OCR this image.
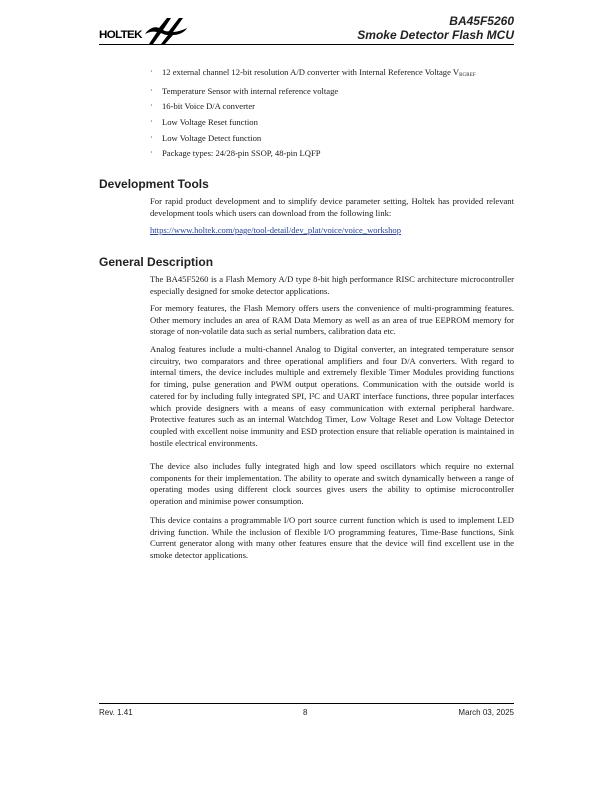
HOLTEK
BA45F5260
Smoke Detector Flash MCU
· 12 external channel 12-bit resolution A/D converter with Internal Reference Voltage VBGREF
· Temperature Sensor with internal reference voltage
· 16-bit Voice D/A converter
· Low Voltage Reset function
· Low Voltage Detect function
· Package types: 24/28-pin SSOP, 48-pin LQFP
Development Tools

For rapid product development and to simplify device parameter setting, Holtek has provided relevant development tools which users can download from the following link:

https://www.holtek.com/page/tool-detail/dev_plat/voice/voice_workshop
General Description

The BA45F5260 is a Flash Memory A/D type 8-bit high performance RISC architecture microcontroller especially designed for smoke detector applications.

For memory features, the Flash Memory offers users the convenience of multi-programming features. Other memory includes an area of RAM Data Memory as well as an area of true EEPROM memory for storage of non-volatile data such as serial numbers, calibration data etc.

Analog features include a multi-channel Analog to Digital converter, an integrated temperature sensor circuitry, two comparators and three operational amplifiers and four D/A converters. With regard to internal timers, the device includes multiple and extremely flexible Timer Modules providing functions for timing, pulse generation and PWM output operations. Communication with the outside world is catered for by including fully integrated SPI, I²C and UART interface functions, three popular interfaces which provide designers with a means of easy communication with external peripheral hardware. Protective features such as an internal Watchdog Timer, Low Voltage Reset and Low Voltage Detector coupled with excellent noise immunity and ESD protection ensure that reliable operation is maintained in hostile electrical environments.

The device also includes fully integrated high and low speed oscillators which require no external components for their implementation. The ability to operate and switch dynamically between a range of operating modes using different clock sources gives users the ability to optimise microcontroller operation and minimise power consumption.

This device contains a programmable I/O port source current function which is used to implement LED driving function. While the inclusion of flexible I/O programming features, Time-Base functions, Sink Current generator along with many other features ensure that the device will find excellent use in the smoke detector applications.

Rev. 1.41	8	March 03, 2025
